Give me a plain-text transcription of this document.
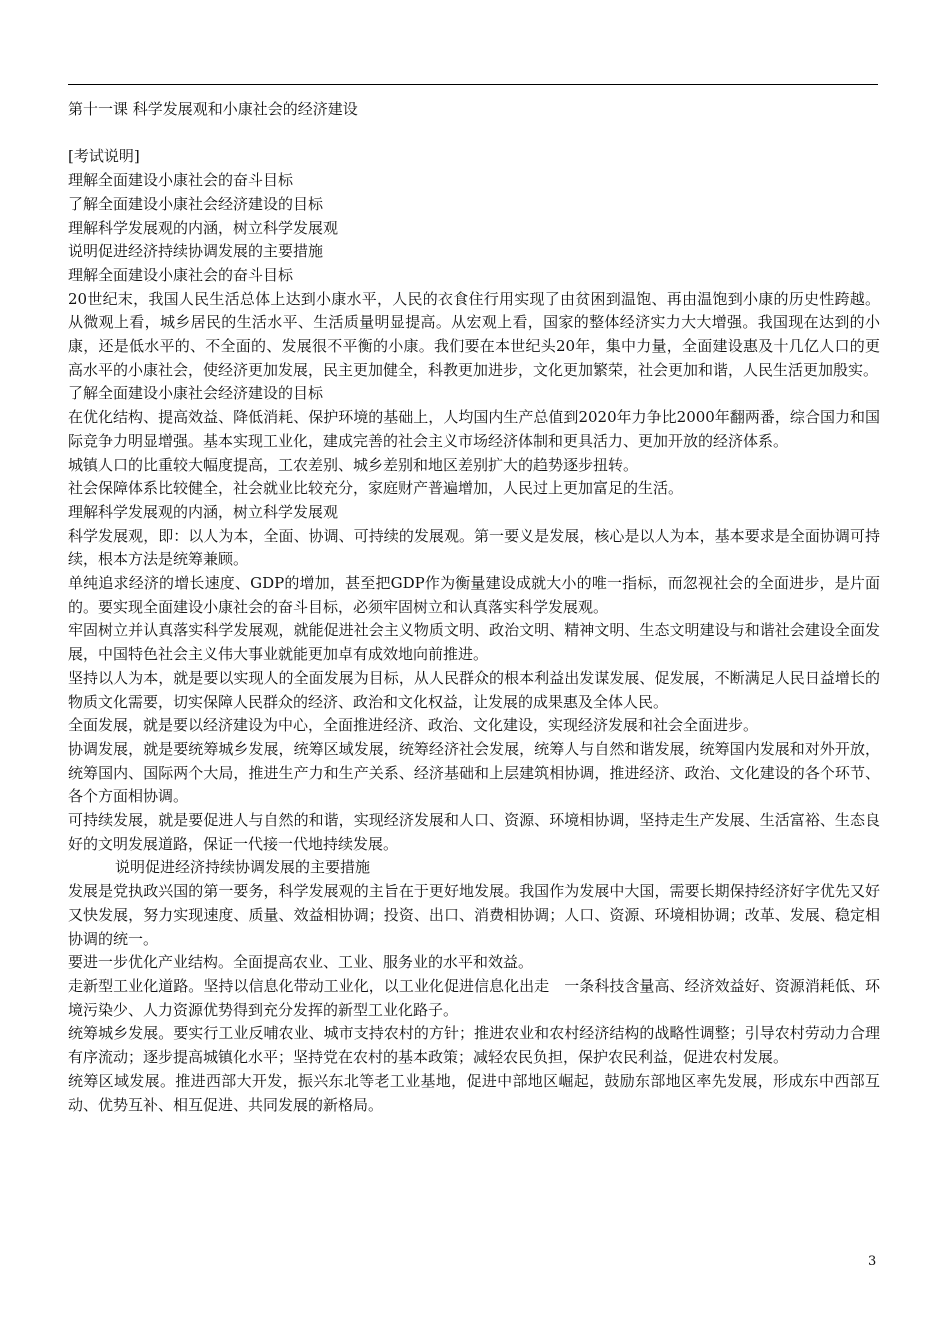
第十一课 科学发展观和小康社会的经济建设

[考试说明]

理解全面建设小康社会的奋斗目标

了解全面建设小康社会经济建设的目标

理解科学发展观的内涵，树立科学发展观

说明促进经济持续协调发展的主要措施

理解全面建设小康社会的奋斗目标

20世纪末，我国人民生活总体上达到小康水平，人民的衣食住行用实现了由贫困到温饱、再由温饱到小康的历史性跨越。从微观上看，城乡居民的生活水平、生活质量明显提高。从宏观上看，国家的整体经济实力大大增强。我国现在达到的小康，还是低水平的、不全面的、发展很不平衡的小康。我们要在本世纪头20年，集中力量，全面建设惠及十几亿人口的更高水平的小康社会，使经济更加发展，民主更加健全，科教更加进步，文化更加繁荣，社会更加和谐，人民生活更加殷实。

了解全面建设小康社会经济建设的目标

在优化结构、提高效益、降低消耗、保护环境的基础上，人均国内生产总值到2020年力争比2000年翻两番，综合国力和国际竞争力明显增强。基本实现工业化，建成完善的社会主义市场经济体制和更具活力、更加开放的经济体系。

城镇人口的比重较大幅度提高，工农差别、城乡差别和地区差别扩大的趋势逐步扭转。

社会保障体系比较健全，社会就业比较充分，家庭财产普遍增加，人民过上更加富足的生活。

理解科学发展观的内涵，树立科学发展观

科学发展观，即：以人为本，全面、协调、可持续的发展观。第一要义是发展，核心是以人为本，基本要求是全面协调可持续，根本方法是统筹兼顾。

单纯追求经济的增长速度、GDP的增加，甚至把GDP作为衡量建设成就大小的唯一指标，而忽视社会的全面进步，是片面的。要实现全面建设小康社会的奋斗目标，必须牢固树立和认真落实科学发展观。

牢固树立并认真落实科学发展观，就能促进社会主义物质文明、政治文明、精神文明、生态文明建设与和谐社会建设全面发展，中国特色社会主义伟大事业就能更加卓有成效地向前推进。

坚持以人为本，就是要以实现人的全面发展为目标，从人民群众的根本利益出发谋发展、促发展，不断满足人民日益增长的物质文化需要，切实保障人民群众的经济、政治和文化权益，让发展的成果惠及全体人民。

全面发展，就是要以经济建设为中心，全面推进经济、政治、文化建设，实现经济发展和社会全面进步。

协调发展，就是要统筹城乡发展，统筹区域发展，统筹经济社会发展，统筹人与自然和谐发展，统筹国内发展和对外开放，统筹国内、国际两个大局，推进生产力和生产关系、经济基础和上层建筑相协调，推进经济、政治、文化建设的各个环节、各个方面相协调。

可持续发展，就是要促进人与自然的和谐，实现经济发展和人口、资源、环境相协调，坚持走生产发展、生活富裕、生态良好的文明发展道路，保证一代接一代地持续发展。

说明促进经济持续协调发展的主要措施

发展是党执政兴国的第一要务，科学发展观的主旨在于更好地发展。我国作为发展中大国，需要长期保持经济好字优先又好又快发展，努力实现速度、质量、效益相协调；投资、出口、消费相协调；人口、资源、环境相协调；改革、发展、稳定相协调的统一。

要进一步优化产业结构。全面提高农业、工业、服务业的水平和效益。

走新型工业化道路。坚持以信息化带动工业化，以工业化促进信息化出走　一条科技含量高、经济效益好、资源消耗低、环境污染少、人力资源优势得到充分发挥的新型工业化路子。

统筹城乡发展。要实行工业反哺农业、城市支持农村的方针；推进农业和农村经济结构的战略性调整；引导农村劳动力合理有序流动；逐步提高城镇化水平；坚持党在农村的基本政策；减轻农民负担，保护农民利益，促进农村发展。

统筹区域发展。推进西部大开发，振兴东北等老工业基地，促进中部地区崛起，鼓励东部地区率先发展，形成东中西部互动、优势互补、相互促进、共同发展的新格局。

3
